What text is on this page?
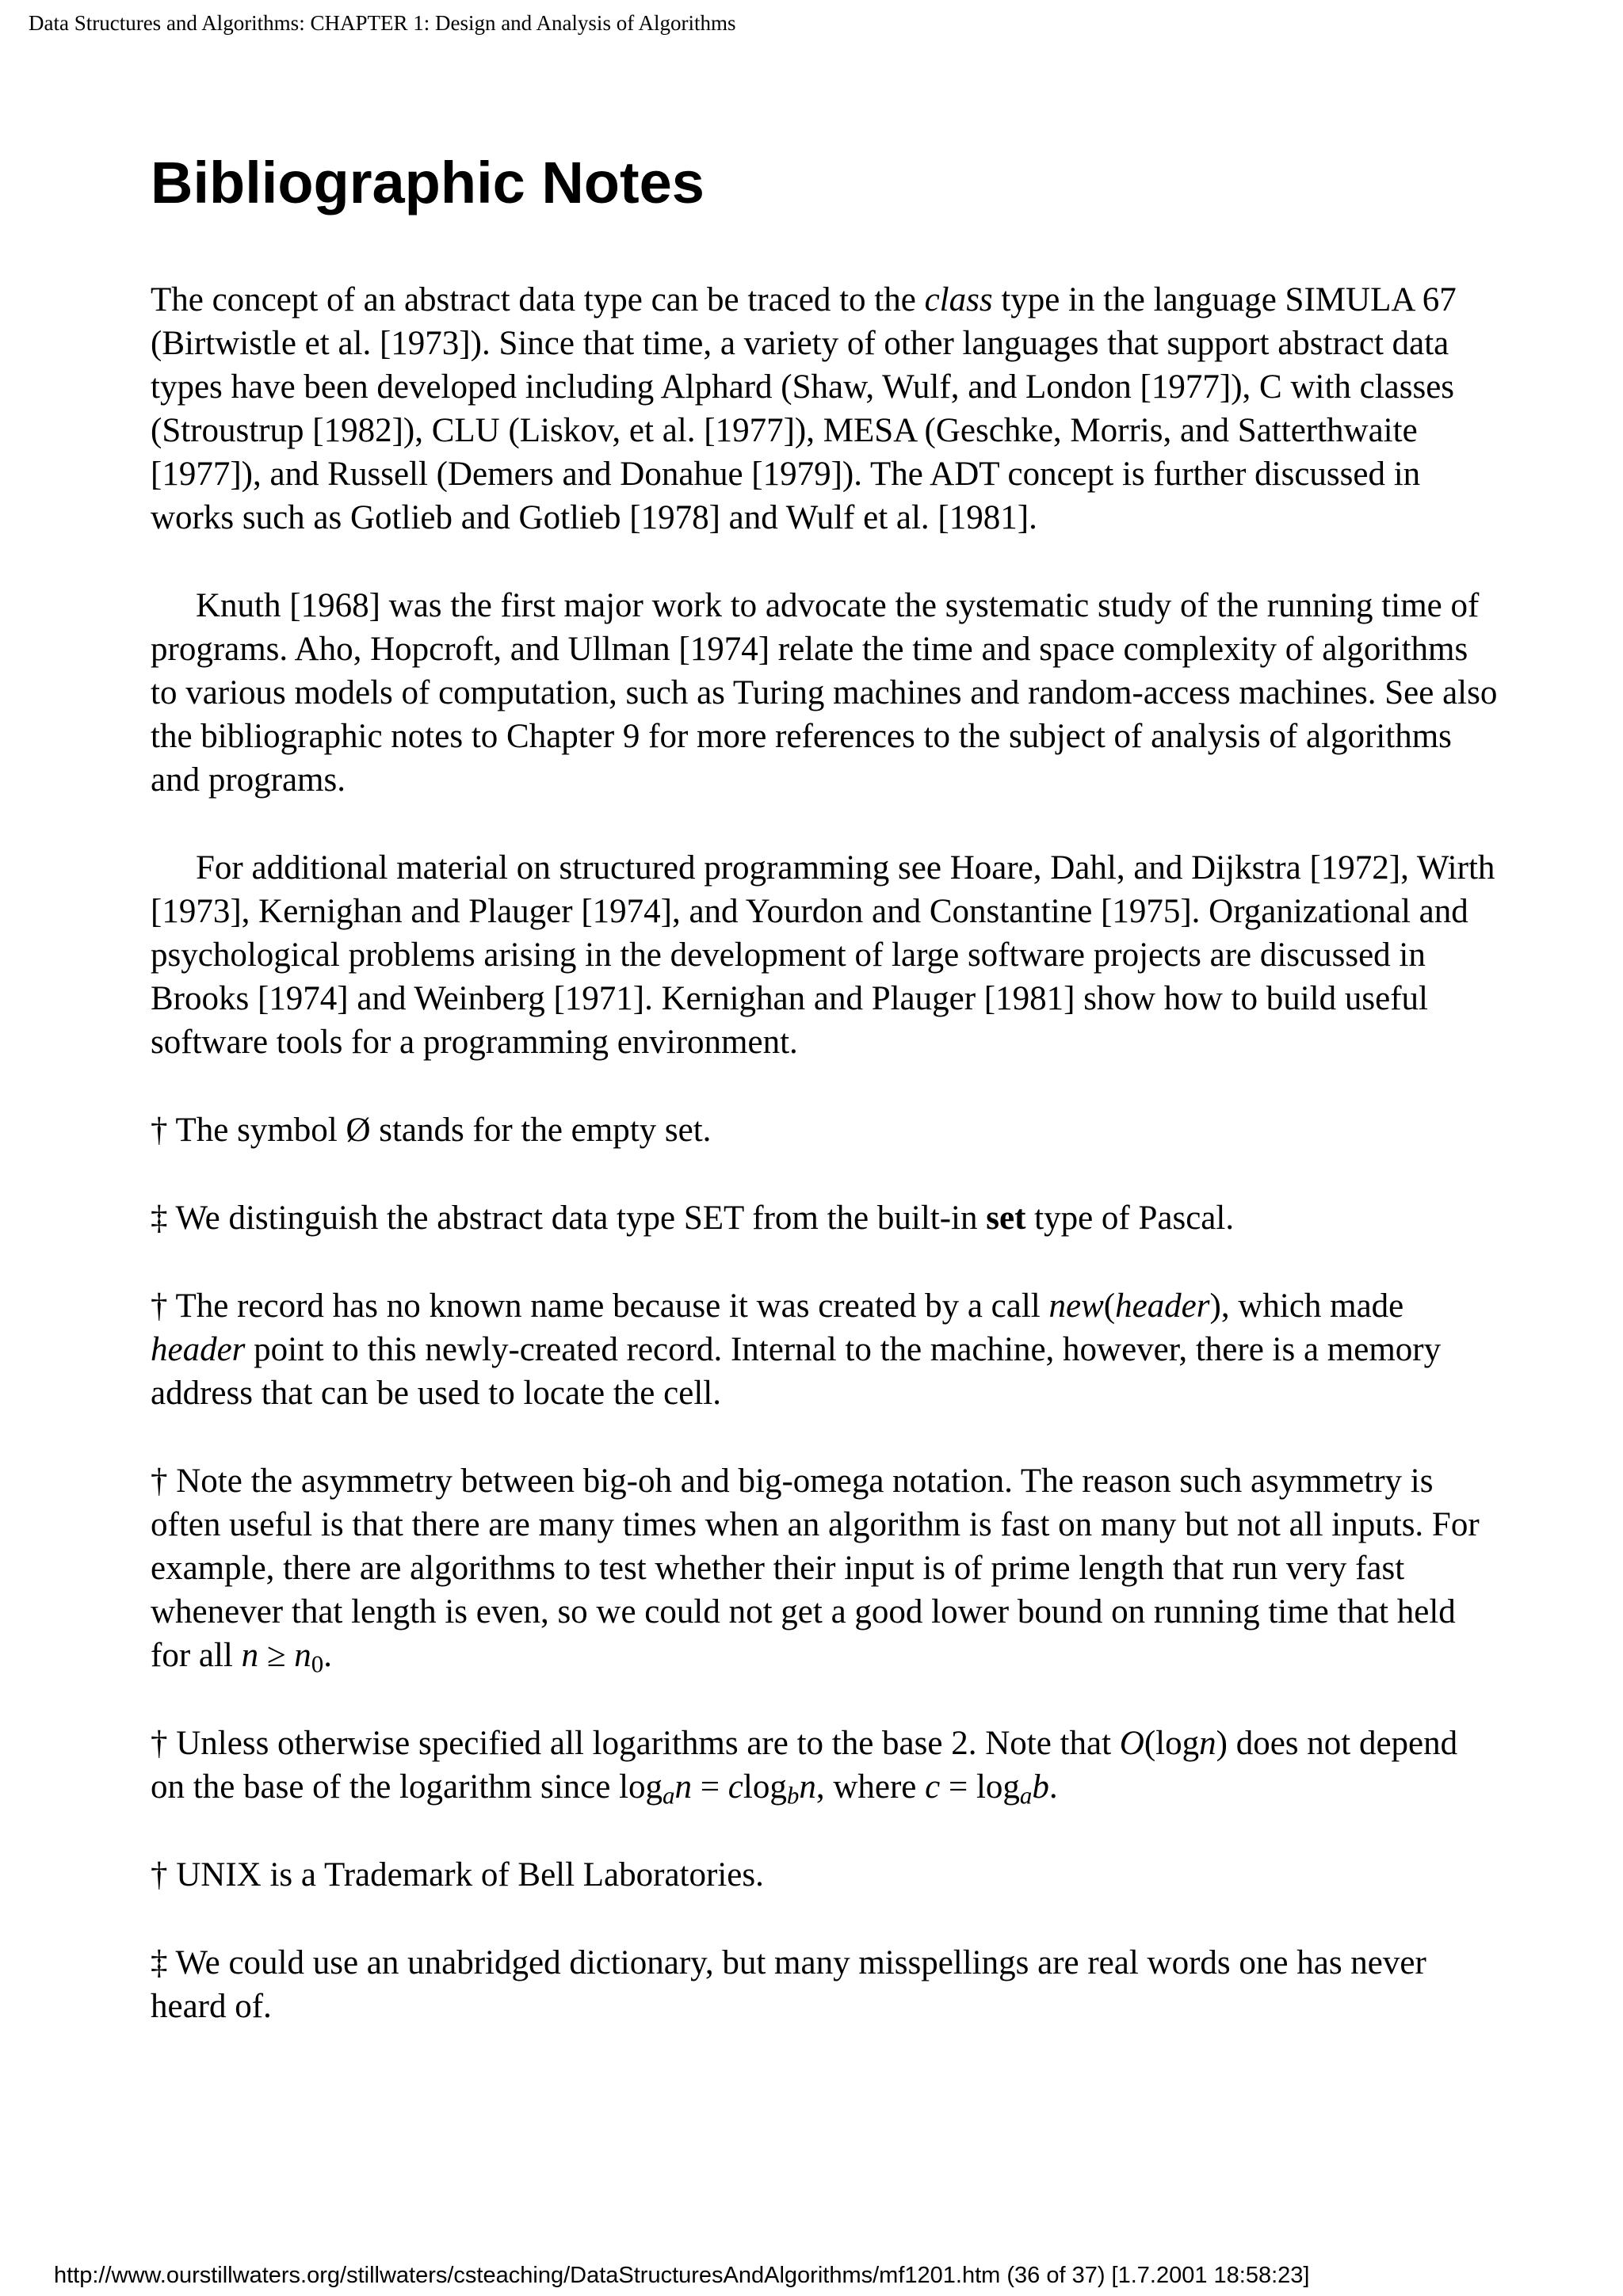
Data Structures and Algorithms: CHAPTER 1: Design and Analysis of Algorithms
Bibliographic Notes

The concept of an abstract data type can be traced to the class type in the language SIMULA 67 (Birtwistle et al. [1973]). Since that time, a variety of other languages that support abstract data types have been developed including Alphard (Shaw, Wulf, and London [1977]), C with classes (Stroustrup [1982]), CLU (Liskov, et al. [1977]), MESA (Geschke, Morris, and Satterthwaite [1977]), and Russell (Demers and Donahue [1979]). The ADT concept is further discussed in works such as Gotlieb and Gotlieb [1978] and Wulf et al. [1981].

Knuth [1968] was the first major work to advocate the systematic study of the running time of programs. Aho, Hopcroft, and Ullman [1974] relate the time and space complexity of algorithms to various models of computation, such as Turing machines and random-access machines. See also the bibliographic notes to Chapter 9 for more references to the subject of analysis of algorithms and programs.

For additional material on structured programming see Hoare, Dahl, and Dijkstra [1972], Wirth [1973], Kernighan and Plauger [1974], and Yourdon and Constantine [1975]. Organizational and psychological problems arising in the development of large software projects are discussed in Brooks [1974] and Weinberg [1971]. Kernighan and Plauger [1981] show how to build useful software tools for a programming environment.

† The symbol Ø stands for the empty set.

‡ We distinguish the abstract data type SET from the built-in set type of Pascal.

† The record has no known name because it was created by a call new(header), which made header point to this newly-created record. Internal to the machine, however, there is a memory address that can be used to locate the cell.

† Note the asymmetry between big-oh and big-omega notation. The reason such asymmetry is often useful is that there are many times when an algorithm is fast on many but not all inputs. For example, there are algorithms to test whether their input is of prime length that run very fast whenever that length is even, so we could not get a good lower bound on running time that held for all $n \ge n_0$.

† Unless otherwise specified all logarithms are to the base 2. Note that O(logn) does not depend on the base of the logarithm since $\log_an = clog_bn$, where $c = \log_ab$.

† UNIX is a Trademark of Bell Laboratories.

‡ We could use an unabridged dictionary, but many misspellings are real words one has never heard of.

http://www.ourstillwaters.org/stillwaters/csteaching/DataStructuresAndAlgorithms/mf1201.htm (36 of 37) [1.7.2001 18:58:23]
